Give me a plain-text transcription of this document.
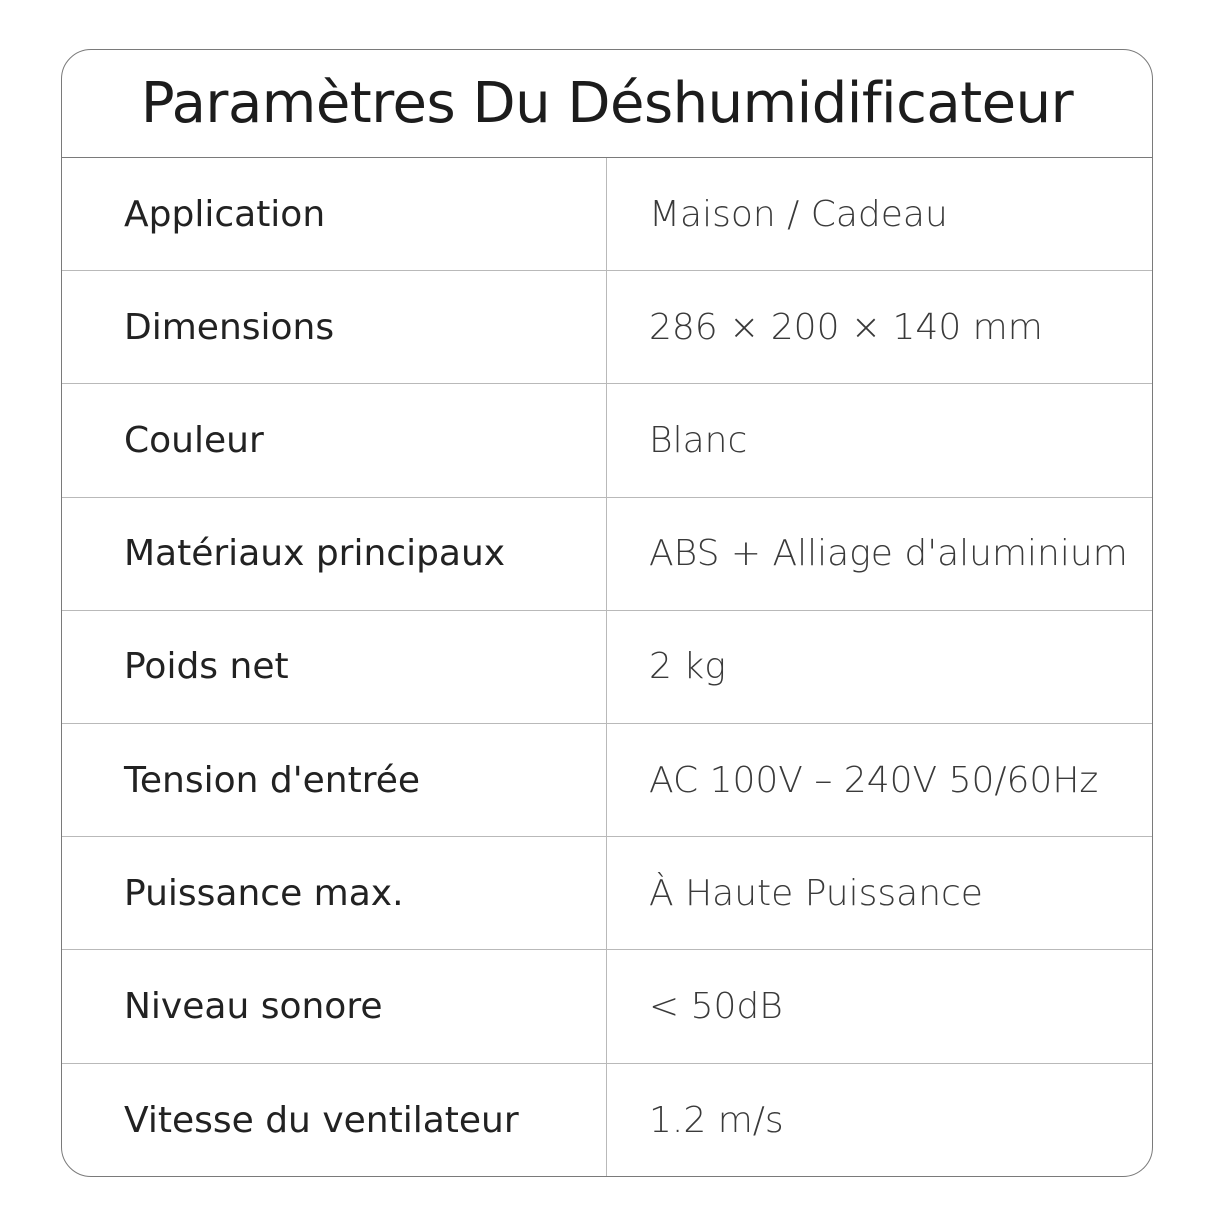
Paramètres Du Déshumidificateur
Application	Maison / Cadeau
Dimensions	286 × 200 × 140 mm
Couleur	Blanc
Matériaux principaux	ABS + Alliage d'aluminium
Poids net	2 kg
Tension d'entrée	AC 100V – 240V 50/60Hz
Puissance max.	À Haute Puissance
Niveau sonore	< 50dB
Vitesse du ventilateur	1.2 m/s
